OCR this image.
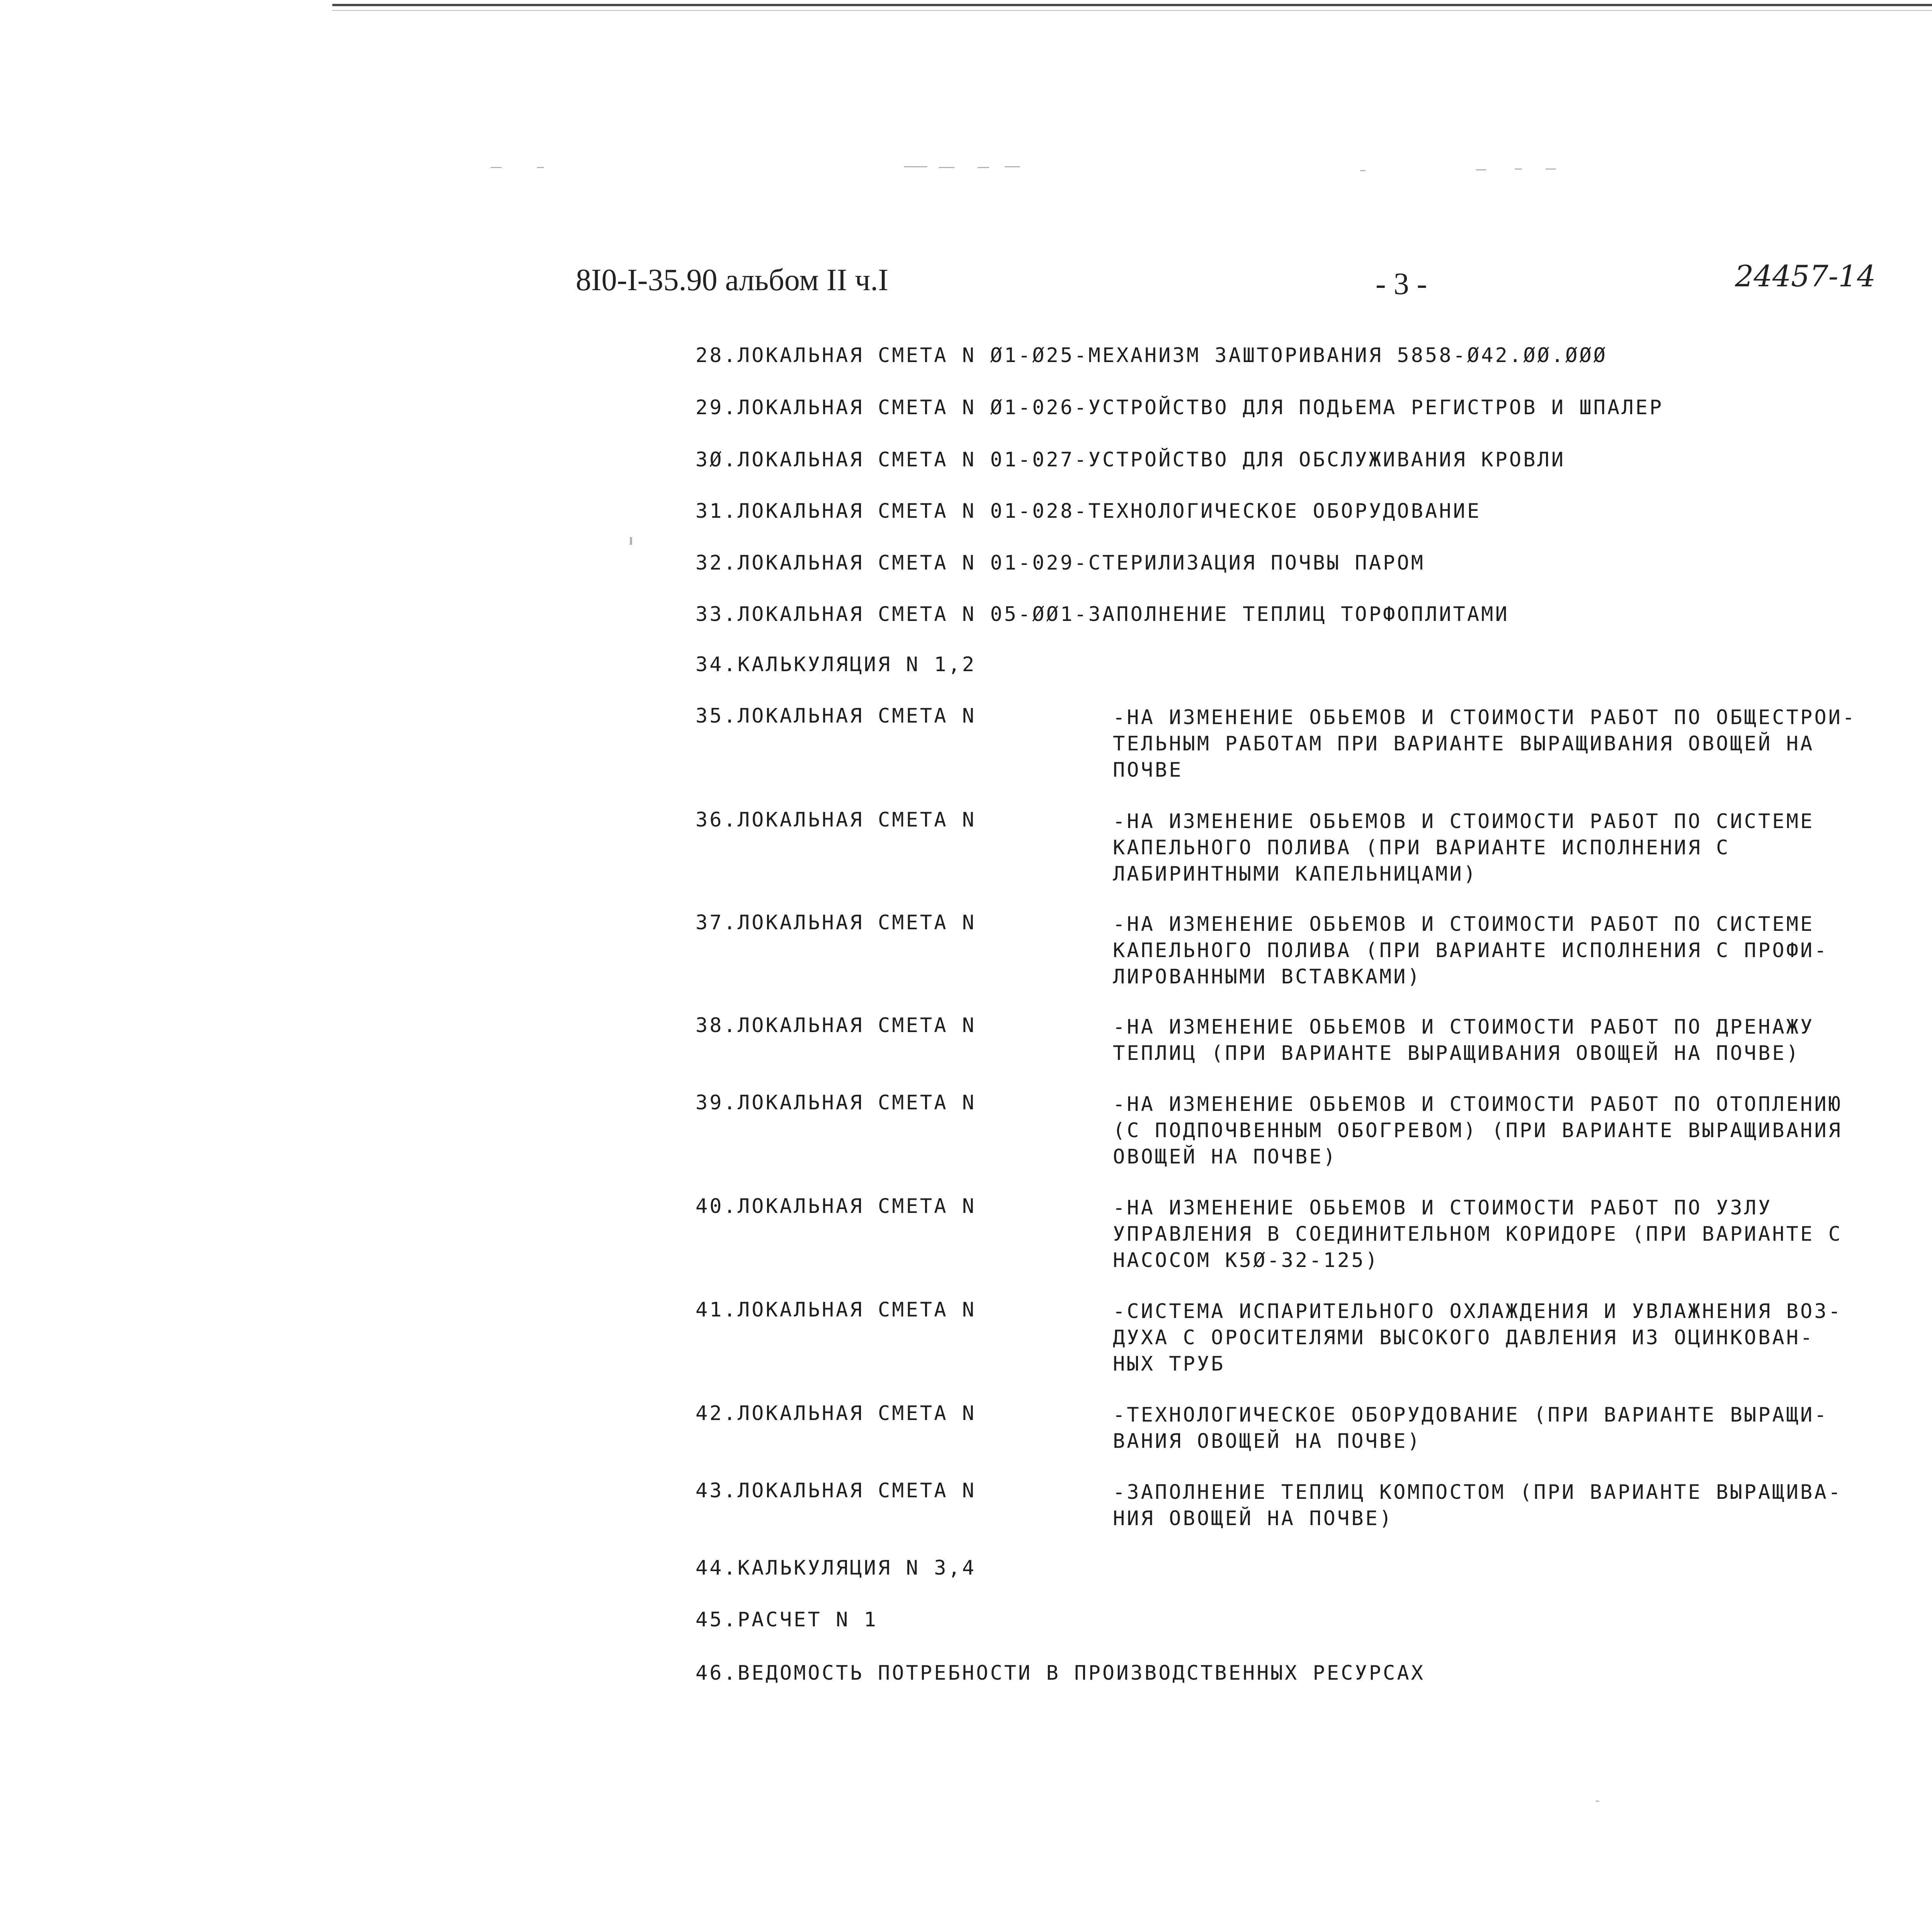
8I0-I-35.90 альбом II ч.I	- 3 -	24457-14
28.ЛОКАЛЬНАЯ СМЕТА N Ø1-Ø25-МЕХАНИЗМ ЗАШТОРИВАНИЯ 5858-Ø42.ØØ.ØØØ
29.ЛОКАЛЬНАЯ СМЕТА N Ø1-026-УСТРОЙСТВО ДЛЯ ПОДЬЕМА РЕГИСТРОВ И ШПАЛЕР
3Ø.ЛОКАЛЬНАЯ СМЕТА N 01-027-УСТРОЙСТВО ДЛЯ ОБСЛУЖИВАНИЯ КРОВЛИ
31.ЛОКАЛЬНАЯ СМЕТА N 01-028-ТЕХНОЛОГИЧЕСКОЕ ОБОРУДОВАНИЕ
32.ЛОКАЛЬНАЯ СМЕТА N 01-029-СТЕРИЛИЗАЦИЯ ПОЧВЫ ПАРОМ
33.ЛОКАЛЬНАЯ СМЕТА N 05-ØØ1-ЗАПОЛНЕНИЕ ТЕПЛИЦ ТОРФОПЛИТАМИ
34.КАЛЬКУЛЯЦИЯ N 1,2
35.ЛОКАЛЬНАЯ СМЕТА N	-НА ИЗМЕНЕНИЕ ОБЬЕМОВ И СТОИМОСТИ РАБОТ ПО ОБЩЕСТРОИ-
ТЕЛЬНЫМ РАБОТАМ ПРИ ВАРИАНТЕ ВЫРАЩИВАНИЯ ОВОЩЕЙ НА
ПОЧВЕ
36.ЛОКАЛЬНАЯ СМЕТА N	-НА ИЗМЕНЕНИЕ ОБЬЕМОВ И СТОИМОСТИ РАБОТ ПО СИСТЕМЕ
КАПЕЛЬНОГО ПОЛИВА (ПРИ ВАРИАНТЕ ИСПОЛНЕНИЯ С
ЛАБИРИНТНЫМИ КАПЕЛЬНИЦАМИ)
37.ЛОКАЛЬНАЯ СМЕТА N	-НА ИЗМЕНЕНИЕ ОБЬЕМОВ И СТОИМОСТИ РАБОТ ПО СИСТЕМЕ
КАПЕЛЬНОГО ПОЛИВА (ПРИ ВАРИАНТЕ ИСПОЛНЕНИЯ С ПРОФИ-
ЛИРОВАННЫМИ ВСТАВКАМИ)
38.ЛОКАЛЬНАЯ СМЕТА N	-НА ИЗМЕНЕНИЕ ОБЬЕМОВ И СТОИМОСТИ РАБОТ ПО ДРЕНАЖУ
ТЕПЛИЦ (ПРИ ВАРИАНТЕ ВЫРАЩИВАНИЯ ОВОЩЕЙ НА ПОЧВЕ)
39.ЛОКАЛЬНАЯ СМЕТА N	-НА ИЗМЕНЕНИЕ ОБЬЕМОВ И СТОИМОСТИ РАБОТ ПО ОТОПЛЕНИЮ
(С ПОДПОЧВЕННЫМ ОБОГРЕВОМ) (ПРИ ВАРИАНТЕ ВЫРАЩИВАНИЯ
ОВОЩЕЙ НА ПОЧВЕ)
40.ЛОКАЛЬНАЯ СМЕТА N	-НА ИЗМЕНЕНИЕ ОБЬЕМОВ И СТОИМОСТИ РАБОТ ПО УЗЛУ
УПРАВЛЕНИЯ В СОЕДИНИТЕЛЬНОМ КОРИДОРЕ (ПРИ ВАРИАНТЕ С
НАСОСОМ К5Ø-32-125)
41.ЛОКАЛЬНАЯ СМЕТА N	-СИСТЕМА ИСПАРИТЕЛЬНОГО ОХЛАЖДЕНИЯ И УВЛАЖНЕНИЯ ВОЗ-
ДУХА С ОРОСИТЕЛЯМИ ВЫСОКОГО ДАВЛЕНИЯ ИЗ ОЦИНКОВАН-
НЫХ ТРУБ
42.ЛОКАЛЬНАЯ СМЕТА N	-ТЕХНОЛОГИЧЕСКОЕ ОБОРУДОВАНИЕ (ПРИ ВАРИАНТЕ ВЫРАЩИ-
ВАНИЯ ОВОЩЕЙ НА ПОЧВЕ)
43.ЛОКАЛЬНАЯ СМЕТА N	-ЗАПОЛНЕНИЕ ТЕПЛИЦ КОМПОСТОМ (ПРИ ВАРИАНТЕ ВЫРАЩИВА-
НИЯ ОВОЩЕЙ НА ПОЧВЕ)
44.КАЛЬКУЛЯЦИЯ N 3,4
45.РАСЧЕТ N 1
46.ВЕДОМОСТЬ ПОТРЕБНОСТИ В ПРОИЗВОДСТВЕННЫХ РЕСУРСАХ
